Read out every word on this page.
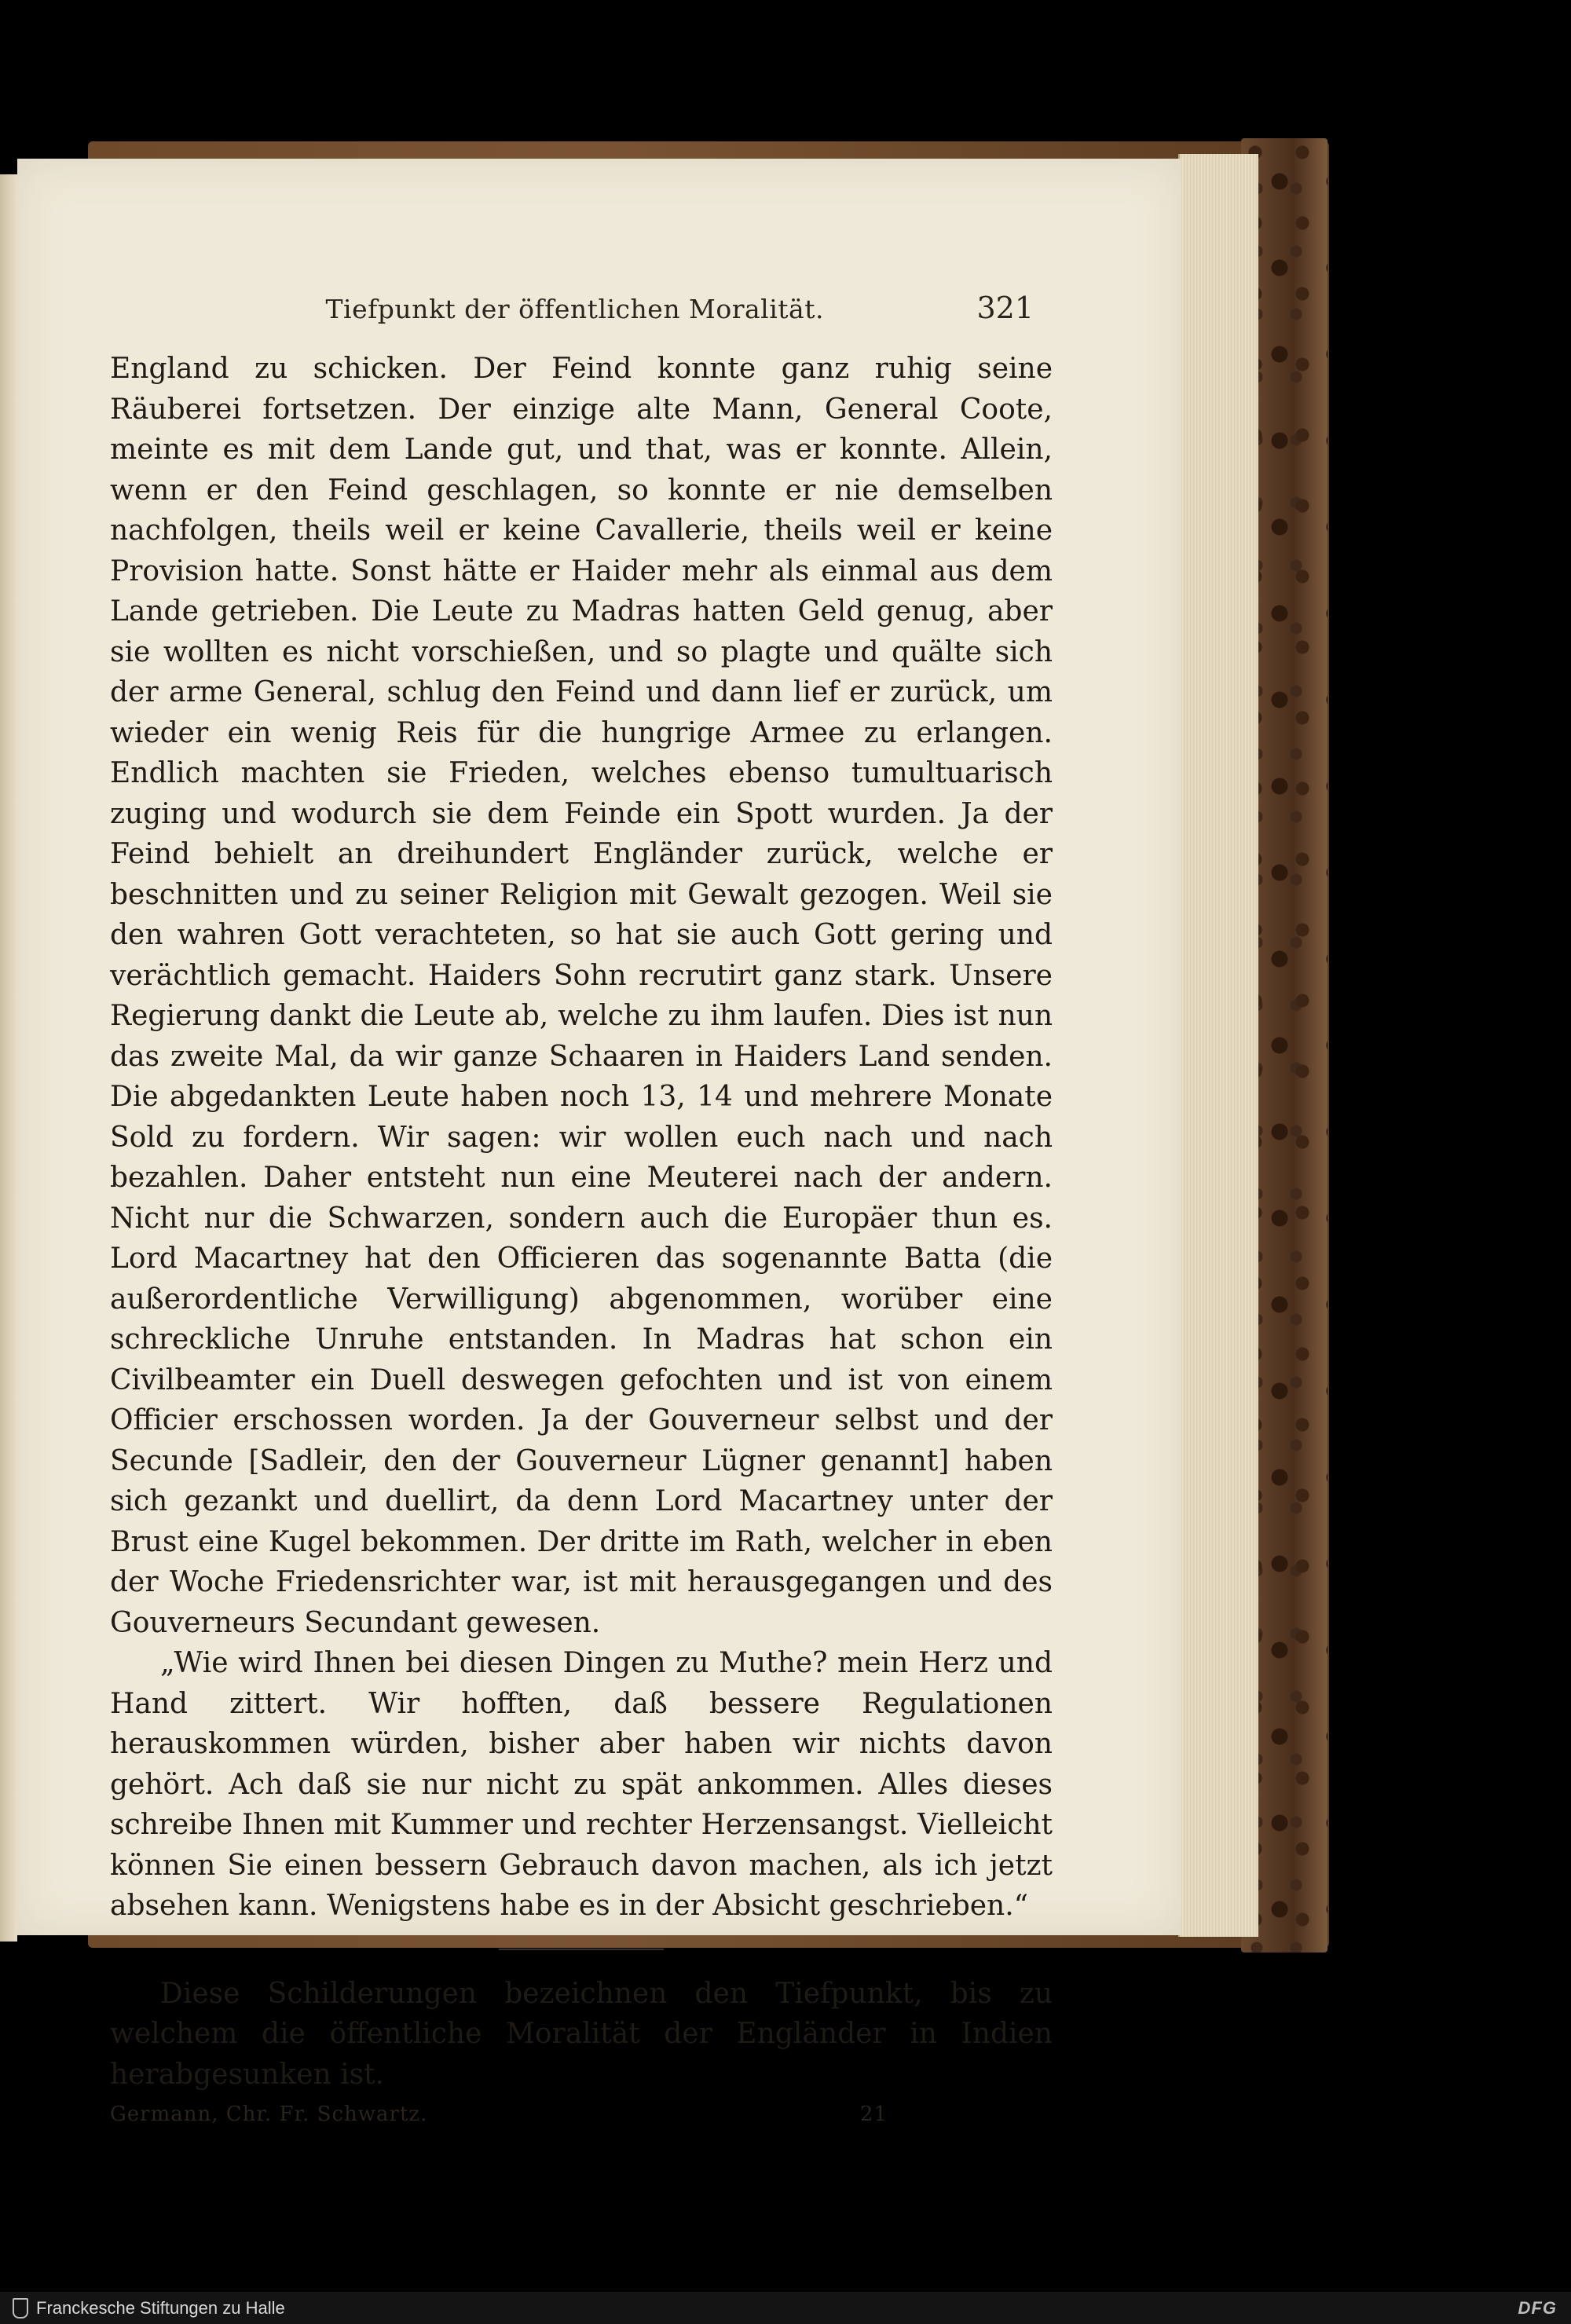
Tiefpunkt der öffentlichen Moralität.	321

England zu schicken. Der Feind konnte ganz ruhig seine Räuberei fortsetzen. Der einzige alte Mann, General Coote, meinte es mit dem Lande gut, und that, was er konnte. Allein, wenn er den Feind geschlagen, so konnte er nie demselben nachfolgen, theils weil er keine Cavallerie, theils weil er keine Provision hatte. Sonst hätte er Haider mehr als einmal aus dem Lande getrieben. Die Leute zu Madras hatten Geld genug, aber sie wollten es nicht vorschießen, und so plagte und quälte sich der arme General, schlug den Feind und dann lief er zurück, um wieder ein wenig Reis für die hungrige Armee zu erlangen. Endlich machten sie Frieden, welches ebenso tumultuarisch zuging und wodurch sie dem Feinde ein Spott wurden. Ja der Feind behielt an dreihundert Engländer zurück, welche er beschnitten und zu seiner Religion mit Gewalt gezogen. Weil sie den wahren Gott verachteten, so hat sie auch Gott gering und verächtlich gemacht. Haiders Sohn recrutirt ganz stark. Unsere Regierung dankt die Leute ab, welche zu ihm laufen. Dies ist nun das zweite Mal, da wir ganze Schaaren in Haiders Land senden. Die abgedankten Leute haben noch 13, 14 und mehrere Monate Sold zu fordern. Wir sagen: wir wollen euch nach und nach bezahlen. Daher entsteht nun eine Meuterei nach der andern. Nicht nur die Schwarzen, sondern auch die Europäer thun es. Lord Macartney hat den Officieren das sogenannte Batta (die außerordentliche Verwilligung) abgenommen, worüber eine schreckliche Unruhe entstanden. In Madras hat schon ein Civilbeamter ein Duell deswegen gefochten und ist von einem Officier erschossen worden. Ja der Gouverneur selbst und der Secunde [Sadleir, den der Gouverneur Lügner genannt] haben sich gezankt und duellirt, da denn Lord Macartney unter der Brust eine Kugel bekommen. Der dritte im Rath, welcher in eben der Woche Friedensrichter war, ist mit herausgegangen und des Gouverneurs Secundant gewesen.

„Wie wird Ihnen bei diesen Dingen zu Muthe? mein Herz und Hand zittert. Wir hofften, daß bessere Regulationen herauskommen würden, bisher aber haben wir nichts davon gehört. Ach daß sie nur nicht zu spät ankommen. Alles dieses schreibe Ihnen mit Kummer und rechter Herzensangst. Vielleicht können Sie einen bessern Gebrauch davon machen, als ich jetzt absehen kann. Wenigstens habe es in der Absicht geschrieben.“

Diese Schilderungen bezeichnen den Tiefpunkt, bis zu welchem die öffentliche Moralität der Engländer in Indien herabgesunken ist.

Germann, Chr. Fr. Schwartz.	21
Franckesche Stiftungen zu Halle	DFG
